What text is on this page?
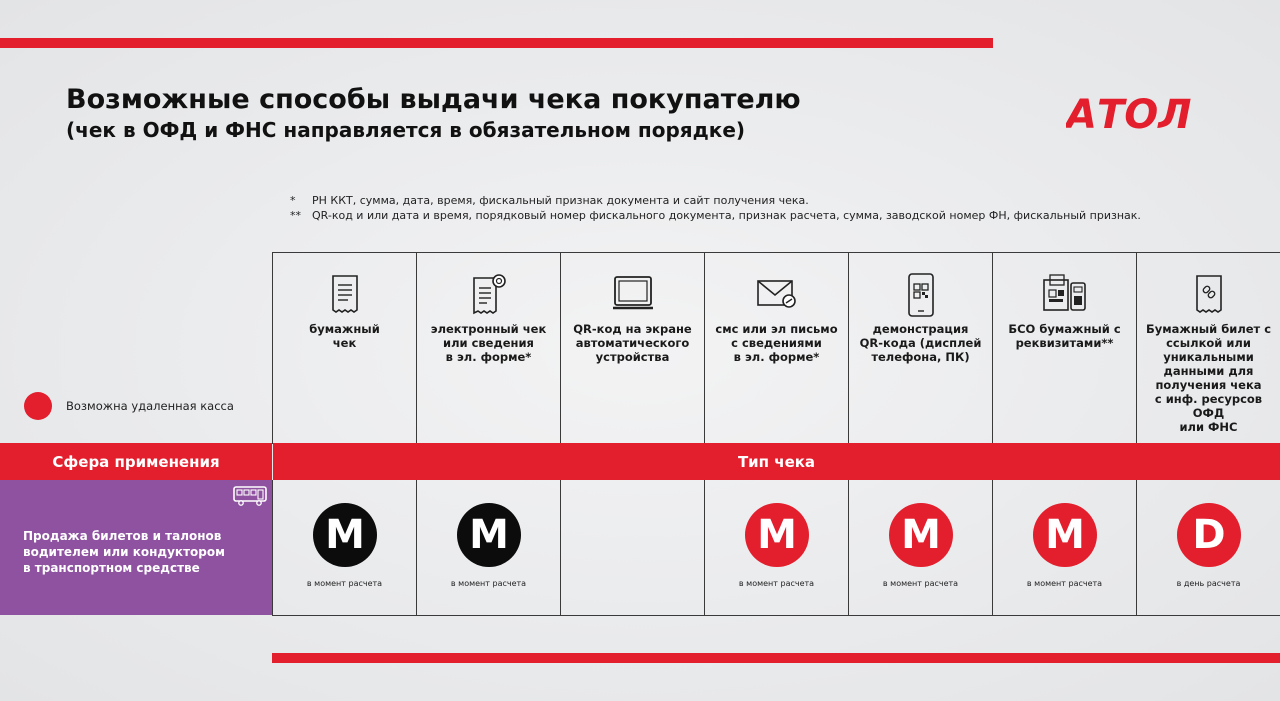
Возможные способы выдачи чека покупателю
(чек в ОФД и ФНС направляется в обязательном порядке)	АТОЛ
* РН ККТ, сумма, дата, время, фискальный признак документа и сайт получения чека.
** QR-код и или дата и время, порядковый номер фискального документа, признак расчета, сумма, заводской номер ФН, фискальный признак.
Возможна удаленная касса
бумажный
чек
электронный чек
или сведения
в эл. форме*
QR-код на экране
автоматического
устройства
смс или эл письмо
с сведениями
в эл. форме*
демонстрация
QR-кода (дисплей
телефона, ПК)
БСО бумажный с
реквизитами**
Бумажный билет с
ссылкой или
уникальными
данными для
получения чека
с инф. ресурсов ОФД
или ФНС
Сфера применения	Тип чека
Продажа билетов и талонов
водителем или кондуктором
в транспортном средстве
M
в момент расчета
M
в момент расчета
M
в момент расчета
M
в момент расчета
M
в момент расчета
D
в день расчета
